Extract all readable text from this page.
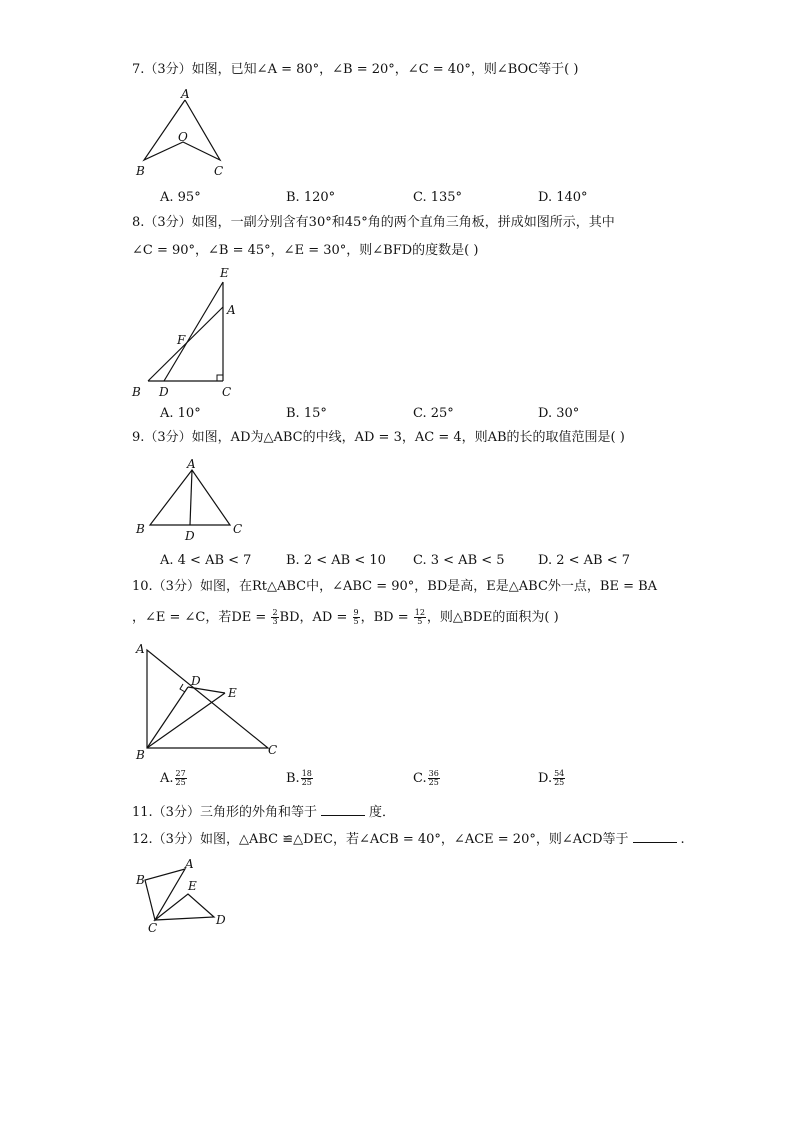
7.（3分）如图，已知∠A = 80°，∠B = 20°，∠C = 40°，则∠BOC等于( )
A
O
B	C
A. 95°	B. 120°	C. 135°	D. 140°
8.（3分）如图，一副分别含有30°和45°角的两个直角三角板，拼成如图所示，其中
∠C = 90°，∠B = 45°，∠E = 30°，则∠BFD的度数是( )
E
A
F
B D	C
A. 10°	B. 15°	C. 25°	D. 30°
9.（3分）如图，AD为△ABC的中线，AD = 3，AC = 4，则AB的长的取值范围是( )
A
B	C
D
A. 4 < AB < 7	B. 2 < AB < 10 C. 3 < AB < 5	D. 2 < AB < 7
10.（3分）如图，在Rt△ABC中，∠ABC = 90°，BD是高，E是△ABC外一点，BE = BA
，∠E = ∠C，若DE = $\frac{2}{3}$ BD，AD = $\frac{9}{5}$ ，BD = $\frac{12}{5}$ ，则△BDE的面积为( )
A
D
E
B	C
A. $\frac{27}{25}$	B. $\frac{18}{25}$	C. $\frac{36}{25}$	D. $\frac{54}{25}$
11.（3分）三角形的外角和等于	度．
12.（3分）如图，△ABC ≌△DEC，若∠ACB = 40°，∠ACE = 20°，则∠ACD等于	.
A
B	E
C
D
